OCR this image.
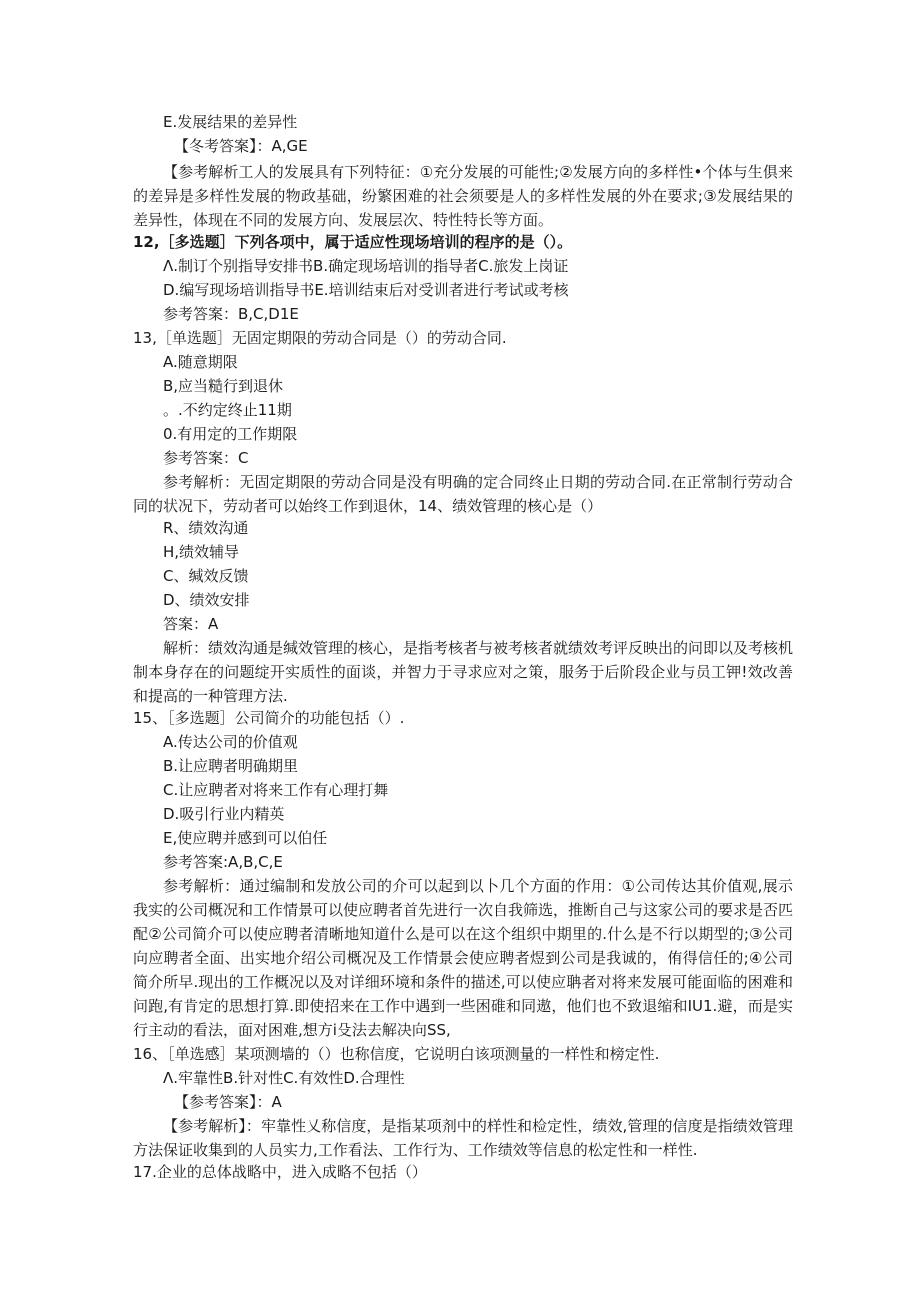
E.发展结果的差异性
【冬考答案】：A,GE
【参考解析工人的发展具有下列特征：①充分发展的可能性;②发展方向的多样性•个体与生俱来的差异是多样性发展的物政基础，纷繁困难的社会须要是人的多样性发展的外在要求;③发展结果的差异性，体现在不同的发展方向、发展层次、特性特长等方面。
12,［多选题］下列各项中，属于适应性现场培训的程序的是（）。
Λ.制订个别指导安排书B.确定现场培训的指导者C.旅发上岗证
D.编写现场培训指导书E.培训结束后对受训者进行考试或考核
参考答案：B,C,D1E
13,［单选题］无固定期限的劳动合同是（）的劳动合同.
A.随意期限
B,应当糙行到退休
。.不约定终止11期
0.有用定的工作期限
参考答案：C
参考解析：无固定期限的劳动合同是没有明确的定合同终止日期的劳动合同.在正常制行劳动合同的状况下，劳动者可以始终工作到退休，14、绩效管理的核心是（）
R、绩效沟通
H,绩效辅导
C、缄效反馈
D、绩效安排
答案：A
解析：绩效沟通是缄效管理的核心，是指考核者与被考核者就绩效考评反映出的问即以及考核机制本身存在的问题绽开实质性的面谈，并智力于寻求应对之策，服务于后阶段企业与员工钾!效改善和提高的一种管理方法.
15、［多选题］公司简介的功能包括（）.
A.传达公司的价值观
B.让应聘者明确期里
C.让应聘者对将来工作有心理打舞
D.吸引行业内精英
E,使应聘并感到可以伯任
参考答案:A,B,C,E
参考解析：通过编制和发放公司的介可以起到以卜几个方面的作用：①公司传达其价值观,展示我实的公司概况和工作情景可以使应聘者首先进行一次自我筛选，推断自己与这家公司的要求是否匹配②公司简介可以使应聘者清晰地知道什么是可以在这个组织中期里的.什么是不行以期型的;③公司向应聘者全面、出实地介绍公司概况及工作情景会使应聘者煜到公司是我诚的，侑得信任的;④公司简介所早.现出的工作概况以及对详细环境和条件的描述,可以使应聃者对将来发展可能面临的困难和问跑,有肯定的思想打算.即使招来在工作中遇到一些困碓和同遨，他们也不致退缩和IU1.避，而是实行主动的看法，面对困难,想方i殳法去解决向SS,
16、［单选感］某项测墙的（）也称信度，它说明白该项测量的一样性和榜定性.
Λ.牢靠性B.针对性C.有效性D.合理性
【参考答案】：A
【参考解析】：牢靠性乂称信度，是指某项剂中的样性和检定性，绩效,管理的信度是指绩效管理方法保证收集到的人员实力,工作看法、工作行为、工作绩效等信息的松定性和一样性.
17.企业的总体战略中，进入成略不包括（）
